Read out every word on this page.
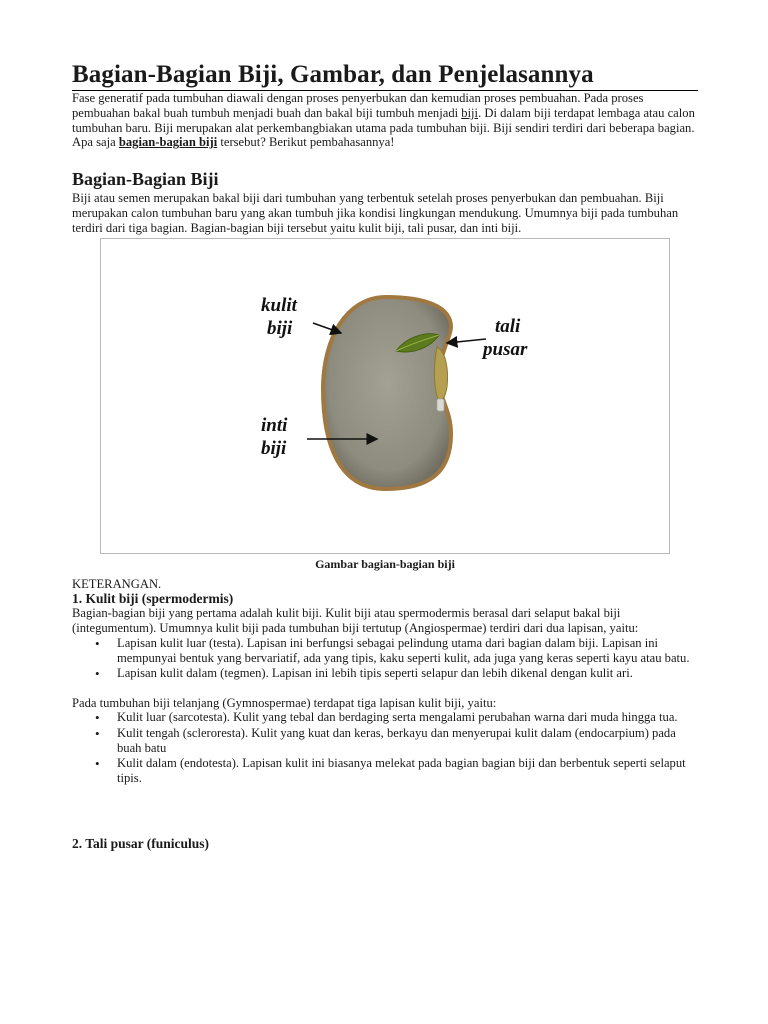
Bagian-Bagian Biji, Gambar, dan Penjelasannya

Fase generatif pada tumbuhan diawali dengan proses penyerbukan dan kemudian proses pembuahan. Pada proses pembuahan bakal buah tumbuh menjadi buah dan bakal biji tumbuh menjadi biji. Di dalam biji terdapat lembaga atau calon tumbuhan baru. Biji merupakan alat perkembangbiakan utama pada tumbuhan biji. Biji sendiri terdiri dari beberapa bagian. Apa saja bagian-bagian biji tersebut? Berikut pembahasannya!

Bagian-Bagian Biji

Biji atau semen merupakan bakal biji dari tumbuhan yang terbentuk setelah proses penyerbukan dan pembuahan. Biji merupakan calon tumbuhan baru yang akan tumbuh jika kondisi lingkungan mendukung. Umumnya biji pada tumbuhan terdiri dari tiga bagian. Bagian-bagian biji tersebut yaitu kulit biji, tali pusar, dan inti biji.

kulit
biji	tali
pusar
inti
biji
Gambar bagian-bagian biji

KETERANGAN.

1. Kulit biji (spermodermis)

Bagian-bagian biji yang pertama adalah kulit biji. Kulit biji atau spermodermis berasal dari selaput bakal biji (integumentum). Umumnya kulit biji pada tumbuhan biji tertutup (Angiospermae) terdiri dari dua lapisan, yaitu:

• Lapisan kulit luar (testa). Lapisan ini berfungsi sebagai pelindung utama dari bagian dalam biji. Lapisan ini mempunyai bentuk yang bervariatif, ada yang tipis, kaku seperti kulit, ada juga yang keras seperti kayu atau batu.
• Lapisan kulit dalam (tegmen). Lapisan ini lebih tipis seperti selapur dan lebih dikenal dengan kulit ari.

Pada tumbuhan biji telanjang (Gymnospermae) terdapat tiga lapisan kulit biji, yaitu:

• Kulit luar (sarcotesta). Kulit yang tebal dan berdaging serta mengalami perubahan warna dari muda hingga tua.
• Kulit tengah (scleroresta). Kulit yang kuat dan keras, berkayu dan menyerupai kulit dalam (endocarpium) pada buah batu
• Kulit dalam (endotesta). Lapisan kulit ini biasanya melekat pada bagian bagian biji dan berbentuk seperti selaput tipis.
2. Tali pusar (funiculus)
